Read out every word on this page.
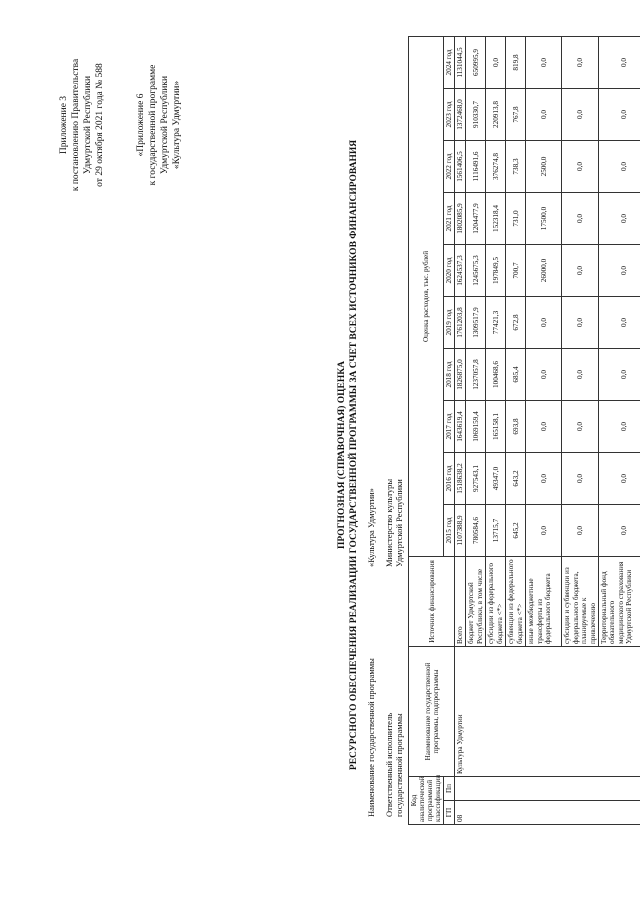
Приложение 3 к постановлению Правительства Удмуртской Республики от 29 октября 2021 года № 588	«Приложение 6 к государственной программе Удмуртской Республики «Культура Удмуртии»
ПРОГНОЗНАЯ (СПРАВОЧНАЯ) ОЦЕНКА РЕСУРСНОГО ОБЕСПЕЧЕНИЯ РЕАЛИЗАЦИИ ГОСУДАРСТВЕННОЙ ПРОГРАММЫ ЗА СЧЕТ ВСЕХ ИСТОЧНИКОВ ФИНАНСИРОВАНИЯ Наименование государственной программы
«Культура Удмуртии»
Ответственный исполнитель
Министерство культуры
государственной программы
Удмуртской Республики
Код аналитической программной классификации		Наименование государственной программы, подпрограммы	Источник финансирования	Оценка расходов, тыс. рублей									
ГП	Пп			2015 год	2016 год	2017 год	2018 год	2019 год	2020 год	2021 год	2022 год	2023 год	2024 год
08		Культура Удмуртии	Всего	1107388,9	1518638,2	1643619,4	1826875,0	1761203,8	1624537,3	1802085,9	1561406,5	1372468,0	1131044,5
			бюджет Удмуртской Республики, в том числе	780584,6	927543,1	1069159,4	1237057,8	1309517,9	1245675,3	1204477,9	1116491,6	910330,7	650995,9
			субсидии из федерального бюджета <*>	13715,7	49347,0	165158,1	100468,6	77421,3	197849,5	152318,4	376274,8	220913,8	0,0
			субвенции из федерального бюджета <*>	645,2	643,2	693,8	685,4	672,8	700,7	731,0	738,3	767,8	819,8
			иные межбюджетные трансферты из федерального бюджета	0,0	0,0	0,0	0,0	0,0	26000,0	17500,0	2500,0	0,0	0,0
			субсидии и субвенции из федерального бюджета, планируемые к привлечению	0,0	0,0	0,0	0,0	0,0	0,0	0,0	0,0	0,0	0,0
			Территориальный фонд обязательного медицинского страхования Удмуртской Республики	0,0	0,0	0,0	0,0	0,0	0,0	0,0	0,0	0,0	0,0
